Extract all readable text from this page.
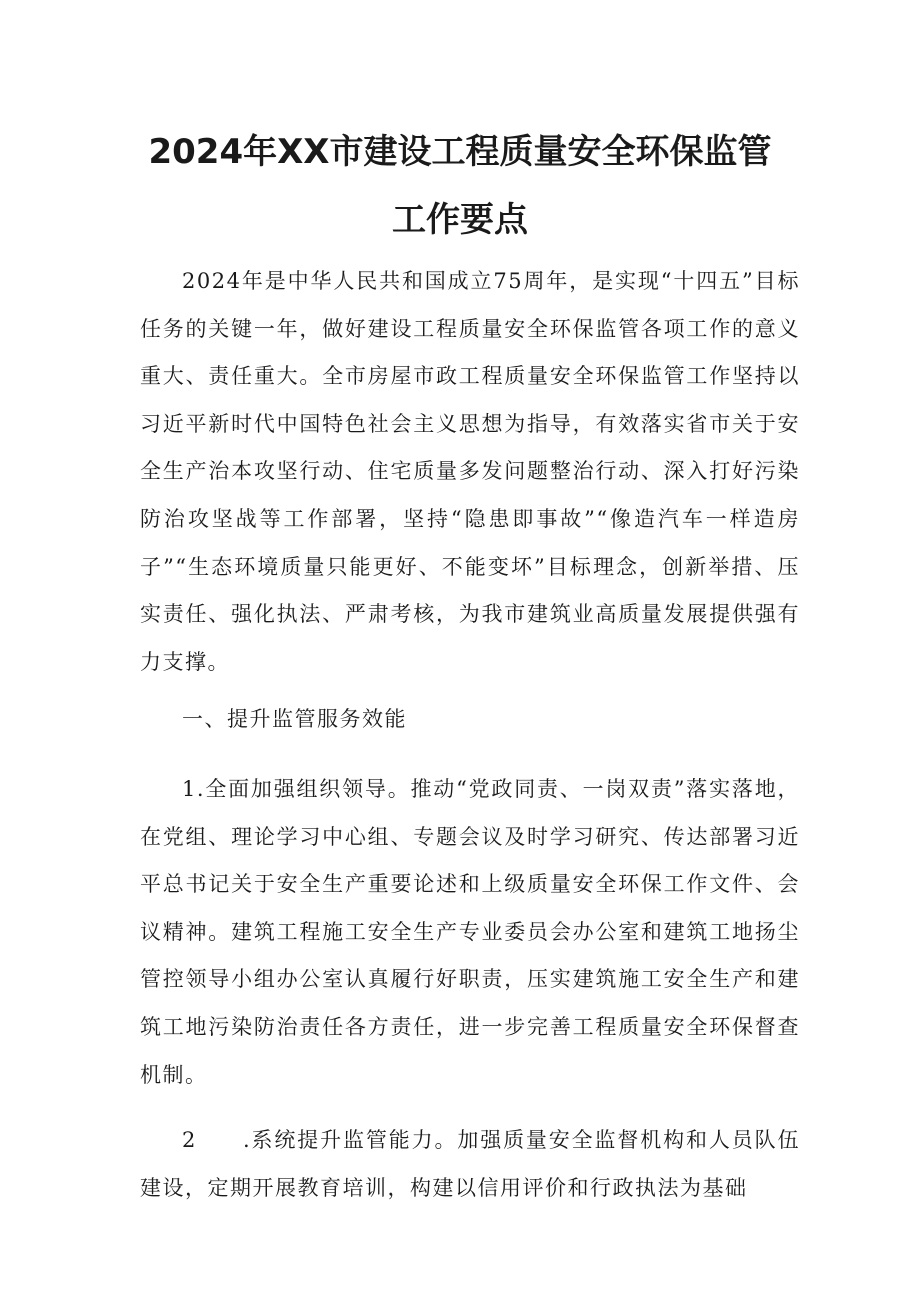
2024年XX市建设工程质量安全环保监管
工作要点

2024年是中华人民共和国成立75周年，是实现“十四五”目标任务的关键一年，做好建设工程质量安全环保监管各项工作的意义重大、责任重大。全市房屋市政工程质量安全环保监管工作坚持以习近平新时代中国特色社会主义思想为指导，有效落实省市关于安全生产治本攻坚行动、住宅质量多发问题整治行动、深入打好污染防治攻坚战等工作部署，坚持“隐患即事故”“像造汽车一样造房子”“生态环境质量只能更好、不能变坏”目标理念，创新举措、压实责任、强化执法、严肃考核，为我市建筑业高质量发展提供强有力支撑。

一、提升监管服务效能

1.全面加强组织领导。推动“党政同责、一岗双责”落实落地，在党组、理论学习中心组、专题会议及时学习研究、传达部署习近平总书记关于安全生产重要论述和上级质量安全环保工作文件、会议精神。建筑工程施工安全生产专业委员会办公室和建筑工地扬尘管控领导小组办公室认真履行好职责，压实建筑施工安全生产和建筑工地污染防治责任各方责任，进一步完善工程质量安全环保督查机制。

2　　.系统提升监管能力。加强质量安全监督机构和人员队伍建设，定期开展教育培训，构建以信用评价和行政执法为基础
